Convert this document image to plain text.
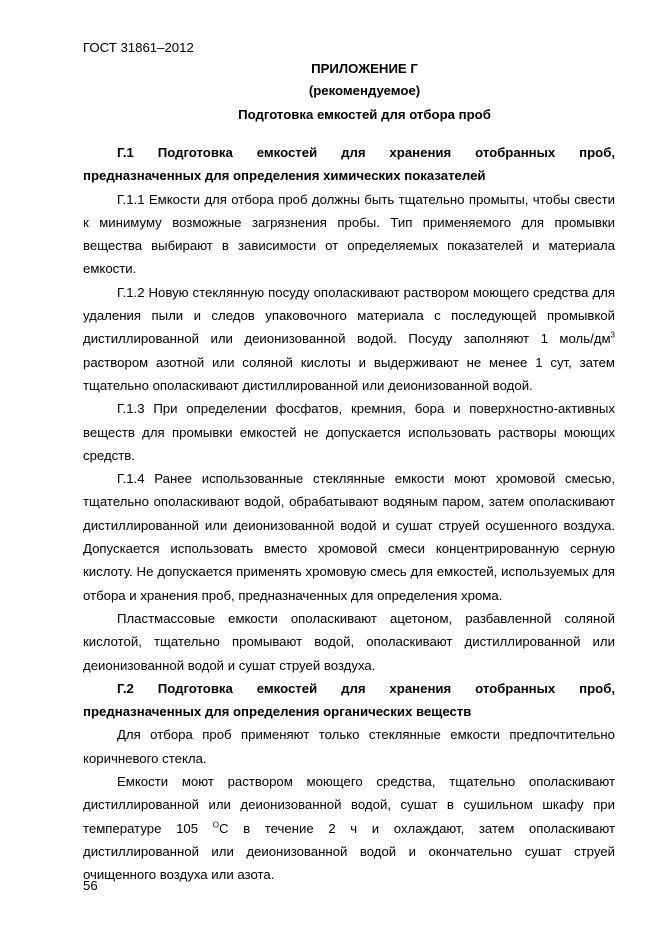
ГОСТ 31861–2012
ПРИЛОЖЕНИЕ Г
(рекомендуемое)
Подготовка емкостей для отбора проб

Г.1 Подготовка емкостей для хранения отобранных проб, предназначенных для определения химических показателей

Г.1.1 Емкости для отбора проб должны быть тщательно промыты, чтобы свести к минимуму возможные загрязнения пробы. Тип применяемого для промывки вещества выбирают в зависимости от определяемых показателей и материала емкости.

Г.1.2 Новую стеклянную посуду ополаскивают раствором моющего средства для удаления пыли и следов упаковочного материала с последующей промывкой дистиллированной или деионизованной водой. Посуду заполняют 1 моль/$дм^3$ раствором азотной или соляной кислоты и выдерживают не менее 1 сут, затем тщательно ополаскивают дистиллированной или деионизованной водой.

Г.1.3 При определении фосфатов, кремния, бора и поверхностно-активных веществ для промывки емкостей не допускается использовать растворы моющих средств.

Г.1.4 Ранее использованные стеклянные емкости моют хромовой смесью, тщательно ополаскивают водой, обрабатывают водяным паром, затем ополаскивают дистиллированной или деионизованной водой и сушат струей осушенного воздуха. Допускается использовать вместо хромовой смеси концентрированную серную кислоту. Не допускается применять хромовую смесь для емкостей, используемых для отбора и хранения проб, предназначенных для определения хрома.

Пластмассовые емкости ополаскивают ацетоном, разбавленной соляной кислотой, тщательно промывают водой, ополаскивают дистиллированной или деионизованной водой и сушат струей воздуха.

Г.2 Подготовка емкостей для хранения отобранных проб, предназначенных для определения органических веществ

Для отбора проб применяют только стеклянные емкости предпочтительно коричневого стекла.

Емкости моют раствором моющего средства, тщательно ополаскивают дистиллированной или деионизованной водой, сушат в сушильном шкафу при температуре 105 $^О$С в течение 2 ч и охлаждают, затем ополаскивают дистиллированной или деионизованной водой и окончательно сушат струей очищенного воздуха или азота.

56
